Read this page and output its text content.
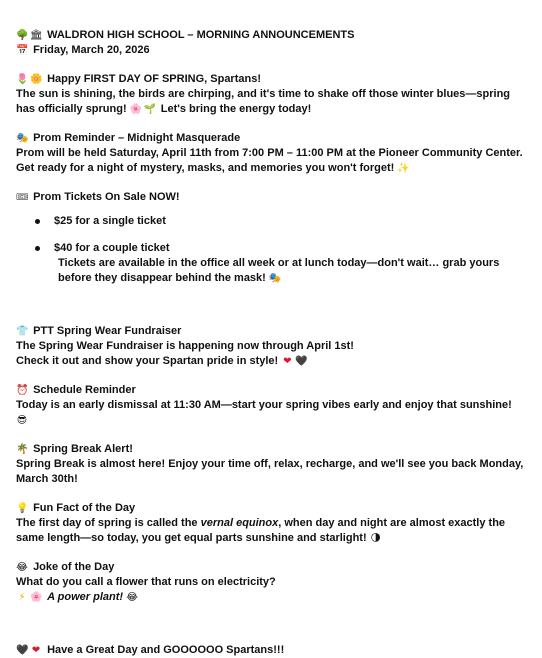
🌳 🏛 WALDRON HIGH SCHOOL – MORNING ANNOUNCEMENTS
📅 Friday, March 20, 2026
🌷 🌼 Happy FIRST DAY OF SPRING, Spartans!
The sun is shining, the birds are chirping, and it's time to shake off those winter blues—spring
has officially sprung! 🌸 🌱 Let's bring the energy today!
🎭 Prom Reminder – Midnight Masquerade
Prom will be held Saturday, April 11th from 7:00 PM – 11:00 PM at the Pioneer Community Center.
Get ready for a night of mystery, masks, and memories you won't forget! ✨
🎟 Prom Tickets On Sale NOW!
$25 for a single ticket
$40 for a couple ticket
Tickets are available in the office all week or at lunch today—don't wait… grab yours
before they disappear behind the mask! 🎭
👕 PTT Spring Wear Fundraiser
The Spring Wear Fundraiser is happening now through April 1st!
Check it out and show your Spartan pride in style! ❤ 🖤
⏰ Schedule Reminder
Today is an early dismissal at 11:30 AM—start your spring vibes early and enjoy that sunshine!
😎
🌴 Spring Break Alert!
Spring Break is almost here! Enjoy your time off, relax, recharge, and we'll see you back Monday,
March 30th!
💡 Fun Fact of the Day
The first day of spring is called the vernal equinox, when day and night are almost exactly the
same length—so today, you get equal parts sunshine and starlight! 🌗
😂 Joke of the Day
What do you call a flower that runs on electricity?
⚡ 🌸 A power plant! 😂
🖤 ❤ Have a Great Day and GOOOOOO Spartans!!!
